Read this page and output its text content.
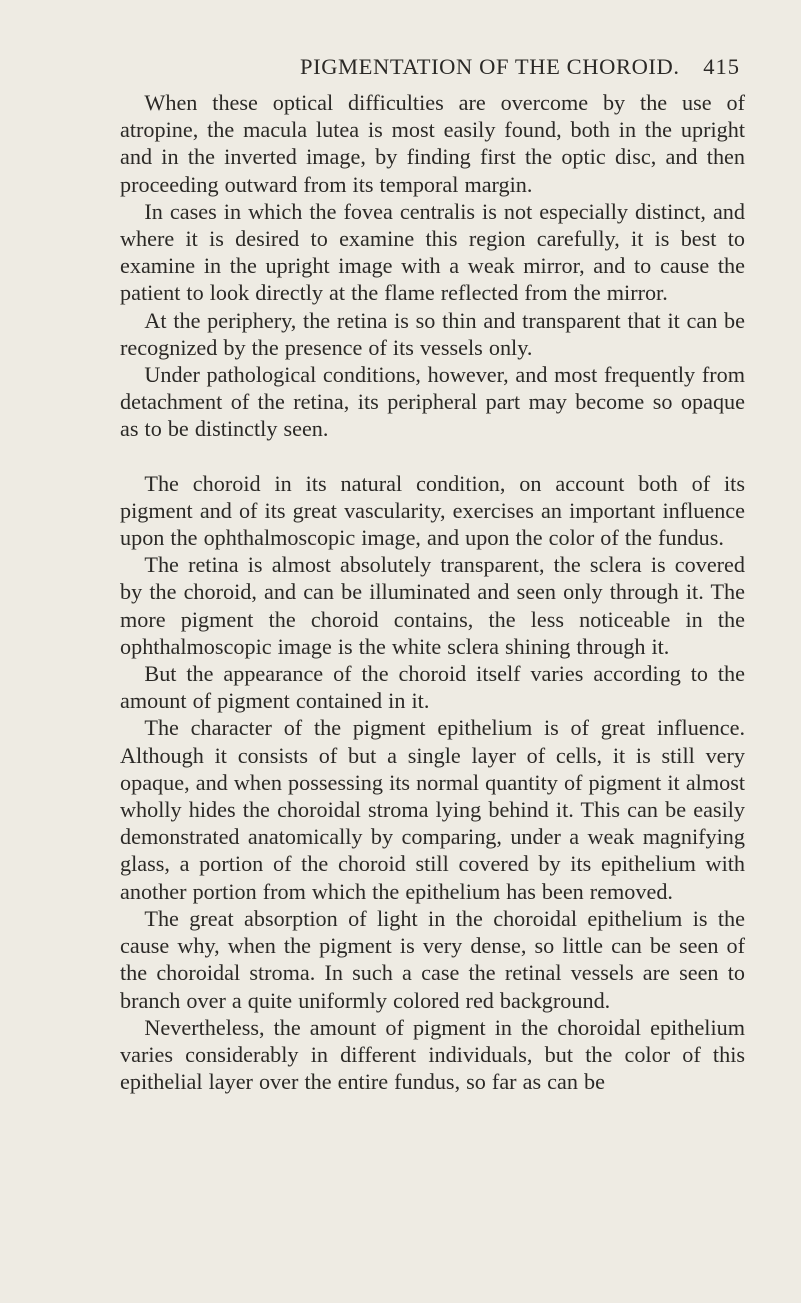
PIGMENTATION OF THE CHOROID. 415

When these optical difficulties are overcome by the use of atropine, the macula lutea is most easily found, both in the upright and in the inverted image, by finding first the optic disc, and then proceeding outward from its temporal margin.

In cases in which the fovea centralis is not especially distinct, and where it is desired to examine this region carefully, it is best to examine in the upright image with a weak mirror, and to cause the patient to look directly at the flame reflected from the mirror.

At the periphery, the retina is so thin and transparent that it can be recognized by the presence of its vessels only.

Under pathological conditions, however, and most frequently from detachment of the retina, its peripheral part may become so opaque as to be distinctly seen.

The choroid in its natural condition, on account both of its pigment and of its great vascularity, exercises an important influence upon the ophthalmoscopic image, and upon the color of the fundus.

The retina is almost absolutely transparent, the sclera is covered by the choroid, and can be illuminated and seen only through it. The more pigment the choroid contains, the less noticeable in the ophthalmoscopic image is the white sclera shining through it.

But the appearance of the choroid itself varies according to the amount of pigment contained in it.

The character of the pigment epithelium is of great influence. Although it consists of but a single layer of cells, it is still very opaque, and when possessing its normal quantity of pigment it almost wholly hides the choroidal stroma lying behind it. This can be easily demonstrated anatomically by comparing, under a weak magnifying glass, a portion of the choroid still covered by its epithelium with another portion from which the epithelium has been removed.

The great absorption of light in the choroidal epithelium is the cause why, when the pigment is very dense, so little can be seen of the choroidal stroma. In such a case the retinal vessels are seen to branch over a quite uniformly colored red background.

Nevertheless, the amount of pigment in the choroidal epithelium varies considerably in different individuals, but the color of this epithelial layer over the entire fundus, so far as can be
